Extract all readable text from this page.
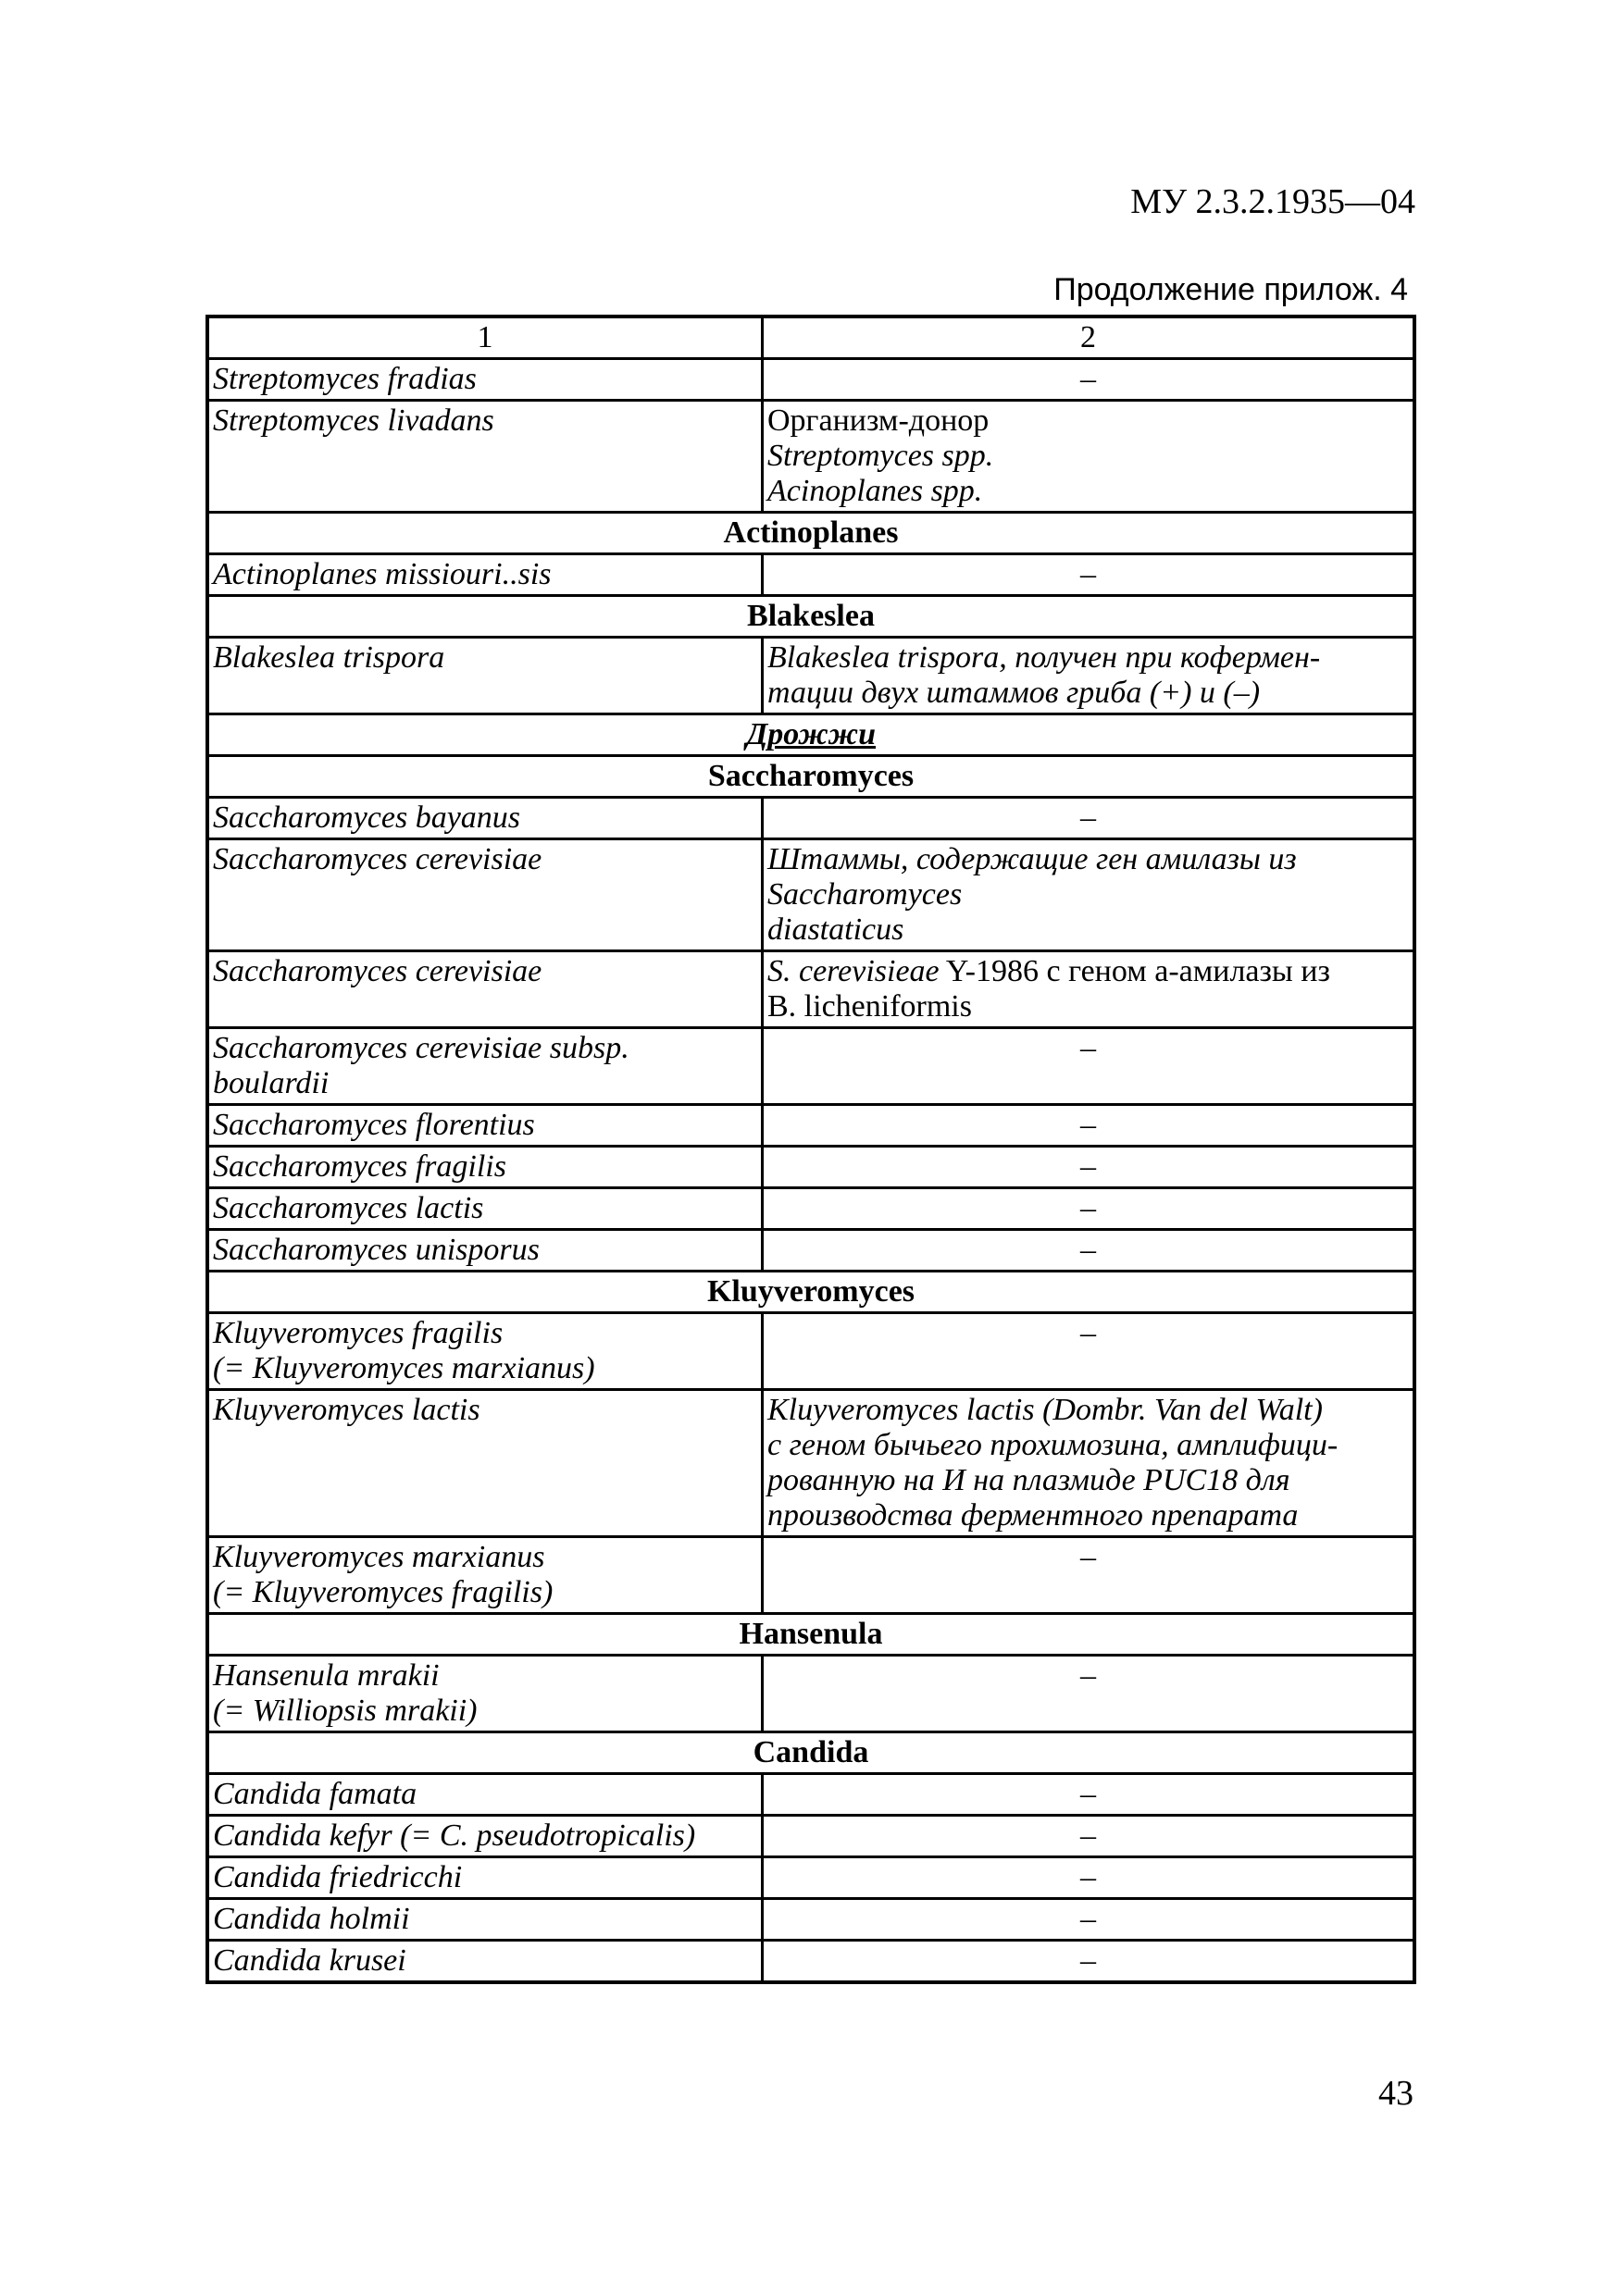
МУ 2.3.2.1935—04
Продолжение прилож. 4
1	2

Streptomyces fradias	–

Streptomyces livadans	Организм-донор
Streptomyces spp.
Acinoplanes spp.

Actinoplanes	

Actinoplanes missiouri..sis	–
Blakeslea	

Blakeslea trispora	Blakeslea trispora, получен при кофермен-
тации двух штаммов гриба (+) и (–)

Дрожжи	
Saccharomyces	

Saccharomyces bayanus	–

Saccharomyces cerevisiae	Штаммы, содержащие ген амилазы из
Saccharomyces
diastaticus

Saccharomyces cerevisiae	S. cerevisieae Y-1986 с геном а-амилазы из
B. licheniformis

Saccharomyces cerevisiae subsp.
boulardii	–

Saccharomyces florentius	–

Saccharomyces fragilis	–

Saccharomyces lactis	–

Saccharomyces unisporus	–
Kluyveromyces	

Kluyveromyces fragilis
(= Kluyveromyces marxianus)	–

Kluyveromyces lactis	Kluyveromyces lactis (Dombr. Van del Walt)
с геном бычьего прохимозина, амплифици-
рованную на И на плазмиде PUC18 для
производства ферментного препарата

Kluyveromyces marxianus
(= Kluyveromyces fragilis)	–
Hansenula	

Hansenula mrakii
(= Williopsis mrakii)	–
Candida	

Candida famata	–

Candida kefyr (= C. pseudotropicalis)	–

Candida friedricchi	–

Candida holmii	–

Candida krusei	–
43
